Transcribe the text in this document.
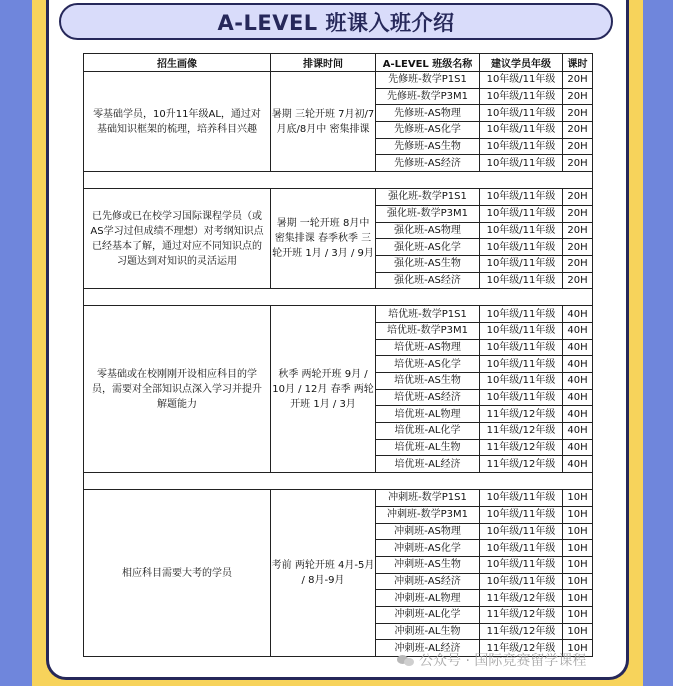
A-LEVEL 班课入班介绍
招生画像	排课时间	A-LEVEL 班级名称	建议学员年级	课时
零基础学员，10升11年级AL，通过对基础知识框架的梳理，培养科目兴趣	暑期 三轮开班 7月初/7月底/8月中 密集排课	先修班-数学P1S1	10年级/11年级	20H
		先修班-数学P3M1	10年级/11年级	20H
		先修班-AS物理	10年级/11年级	20H
		先修班-AS化学	10年级/11年级	20H
		先修班-AS生物	10年级/11年级	20H
		先修班-AS经济	10年级/11年级	20H

已先修或已在校学习国际课程学员（或AS学习过但成绩不理想）对考纲知识点已经基本了解，通过对应不同知识点的习题达到对知识的灵活运用	暑期 一轮开班 8月中 密集排课 春季秋季 三轮开班 1月 / 3月 / 9月	强化班-数学P1S1	10年级/11年级	20H
		强化班-数学P3M1	10年级/11年级	20H
		强化班-AS物理	10年级/11年级	20H
		强化班-AS化学	10年级/11年级	20H
		强化班-AS生物	10年级/11年级	20H
		强化班-AS经济	10年级/11年级	20H

零基础或在校刚刚开设相应科目的学员，需要对全部知识点深入学习并提升解题能力	秋季 两轮开班 9月 / 10月 / 12月 春季 两轮开班 1月 / 3月	培优班-数学P1S1	10年级/11年级	40H
		培优班-数学P3M1	10年级/11年级	40H
		培优班-AS物理	10年级/11年级	40H
		培优班-AS化学	10年级/11年级	40H
		培优班-AS生物	10年级/11年级	40H
		培优班-AS经济	10年级/11年级	40H
		培优班-AL物理	11年级/12年级	40H
		培优班-AL化学	11年级/12年级	40H
		培优班-AL生物	11年级/12年级	40H
		培优班-AL经济	11年级/12年级	40H

相应科目需要大考的学员	考前 两轮开班 4月-5月 / 8月-9月	冲刺班-数学P1S1	10年级/11年级	10H
		冲刺班-数学P3M1	10年级/11年级	10H
		冲刺班-AS物理	10年级/11年级	10H
		冲刺班-AS化学	10年级/11年级	10H
		冲刺班-AS生物	10年级/11年级	10H
		冲刺班-AS经济	10年级/11年级	10H
		冲刺班-AL物理	11年级/12年级	10H
		冲刺班-AL化学	11年级/12年级	10H
		冲刺班-AL生物	11年级/12年级	10H
		冲刺班-AL经济	11年级/12年级	10H
公众号 · 国际竞赛留学课程
